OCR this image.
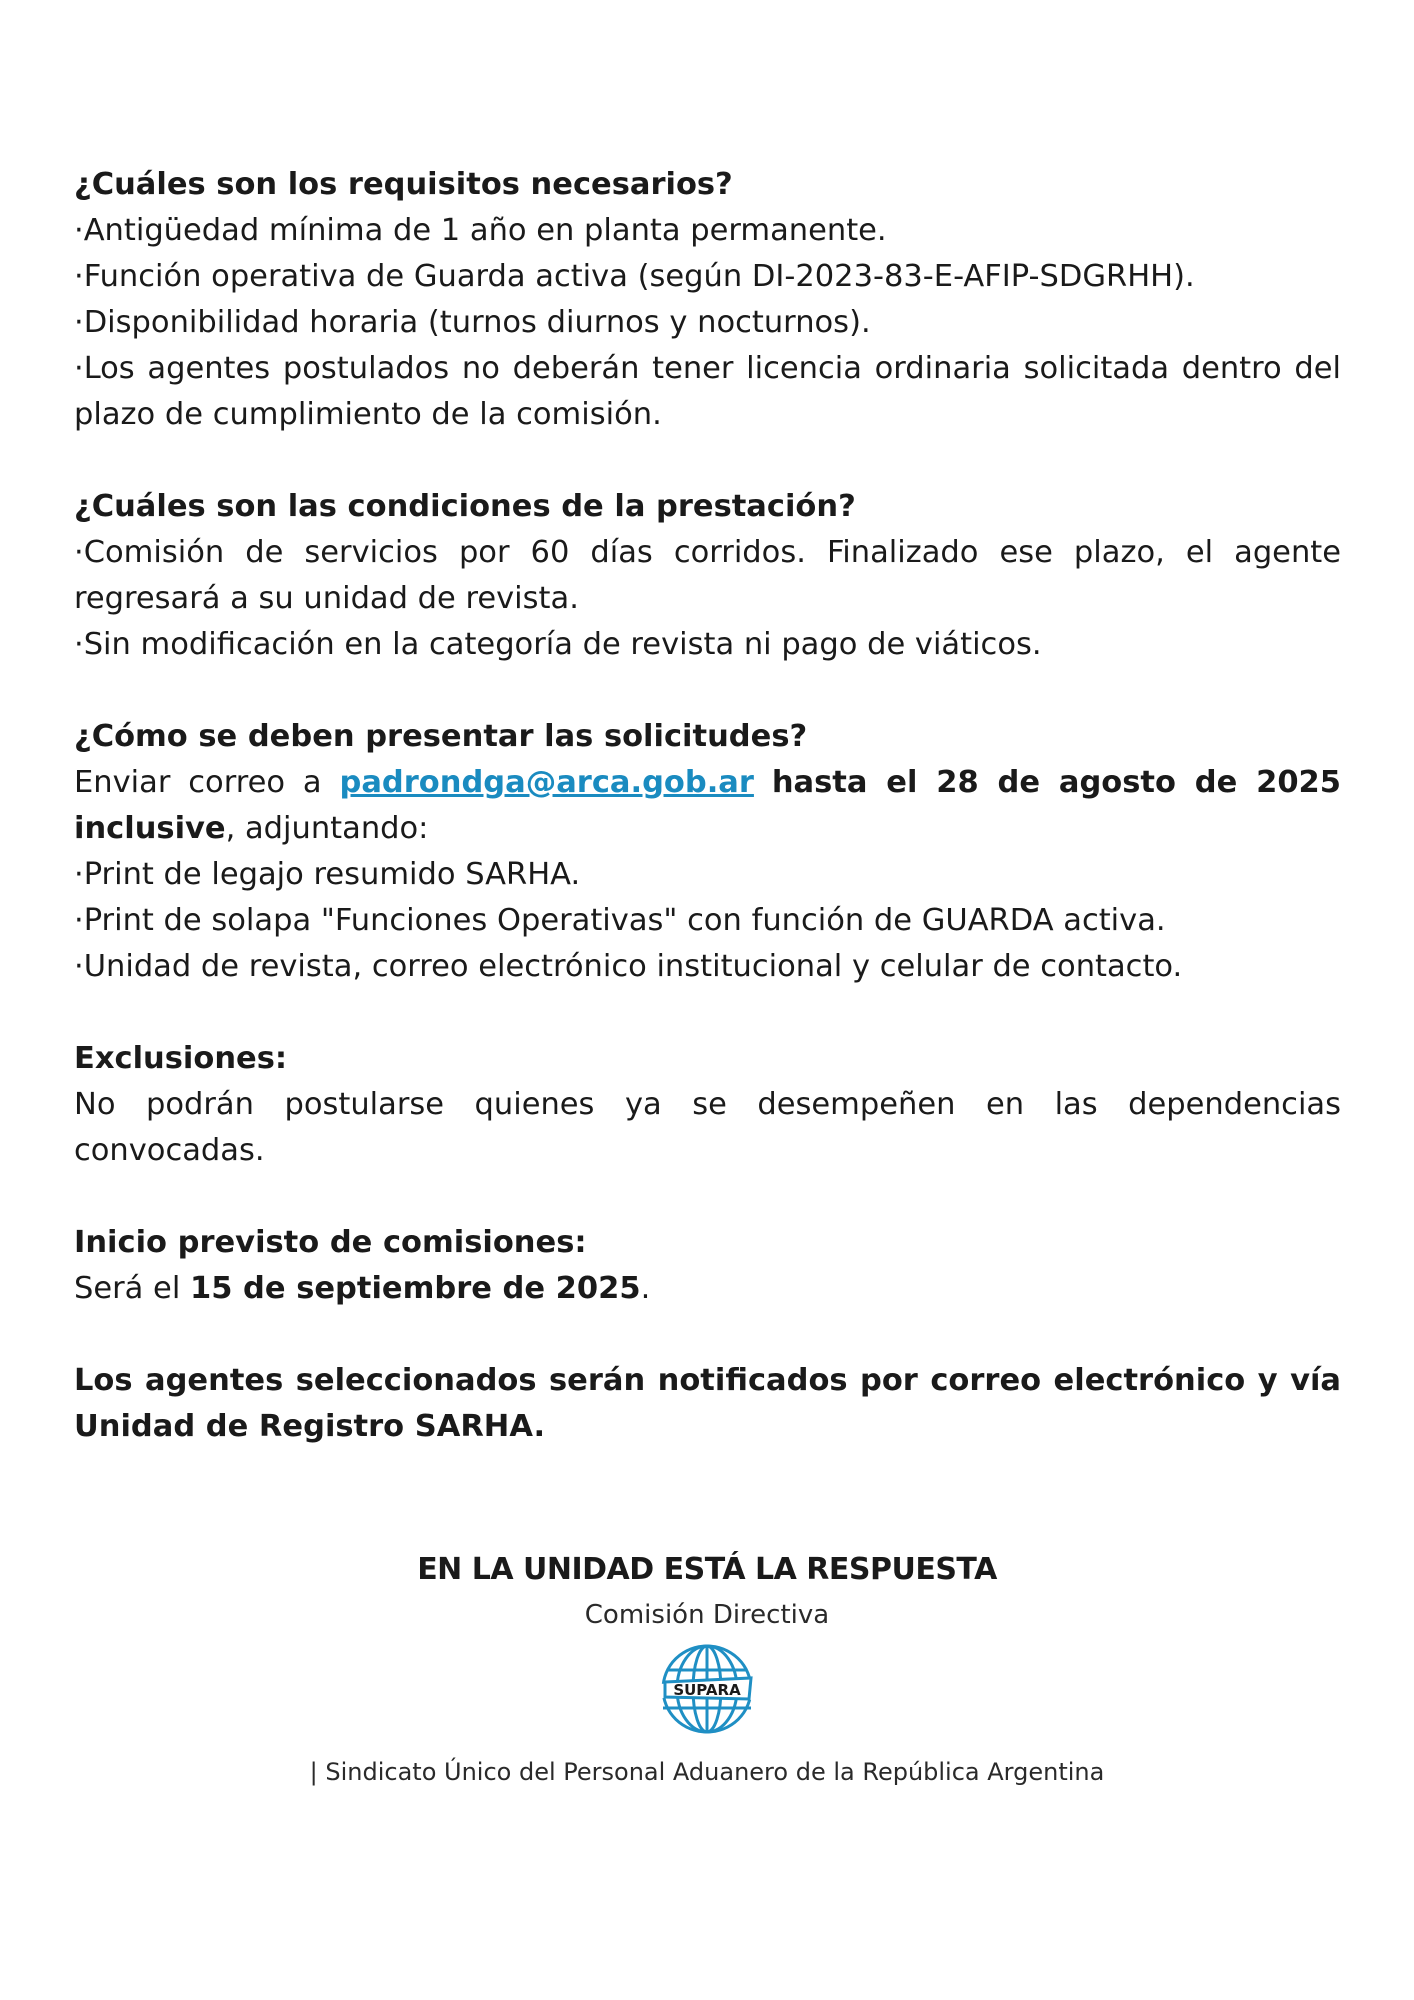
¿Cuáles son los requisitos necesarios?
·Antigüedad mínima de 1 año en planta permanente.
·Función operativa de Guarda activa (según DI-2023-83-E-AFIP-SDGRHH).
·Disponibilidad horaria (turnos diurnos y nocturnos).
·Los agentes postulados no deberán tener licencia ordinaria solicitada dentro del plazo de cumplimiento de la comisión.
¿Cuáles son las condiciones de la prestación?
·Comisión de servicios por 60 días corridos. Finalizado ese plazo, el agente regresará a su unidad de revista.
·Sin modificación en la categoría de revista ni pago de viáticos.
¿Cómo se deben presentar las solicitudes?
Enviar correo a padrondga@arca.gob.ar hasta el 28 de agosto de 2025 inclusive, adjuntando:
·Print de legajo resumido SARHA.
·Print de solapa "Funciones Operativas" con función de GUARDA activa.
·Unidad de revista, correo electrónico institucional y celular de contacto.
Exclusiones:
No podrán postularse quienes ya se desempeñen en las dependencias convocadas.
Inicio previsto de comisiones:
Será el 15 de septiembre de 2025.
Los agentes seleccionados serán notificados por correo electrónico y vía Unidad de Registro SARHA.
EN LA UNIDAD ESTÁ LA RESPUESTA
Comisión Directiva
SUPARA
| Sindicato Único del Personal Aduanero de la República Argentina
